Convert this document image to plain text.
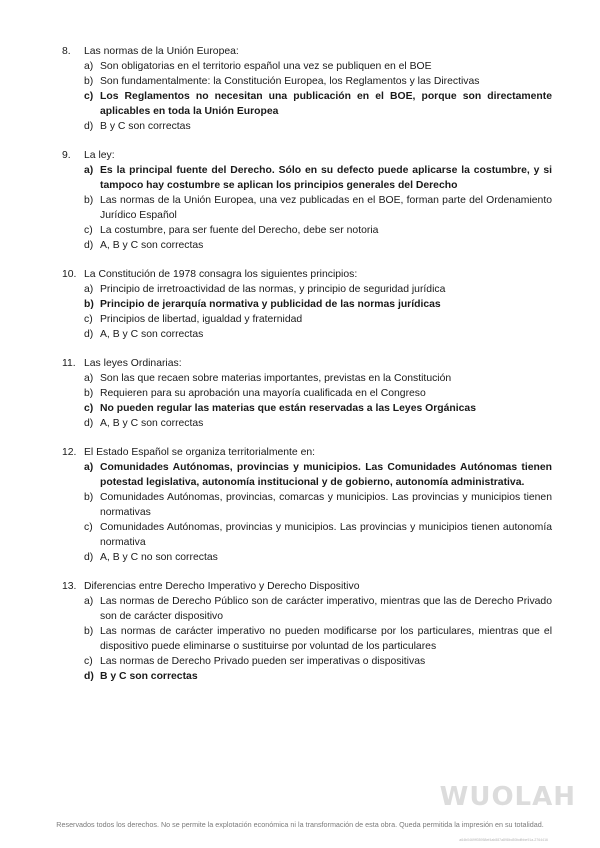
8.	Las normas de la Unión Europea:
a) Son obligatorias en el territorio español una vez se publiquen en el BOE
b) Son fundamentalmente: la Constitución Europea, los Reglamentos y las Directivas
c) Los Reglamentos no necesitan una publicación en el BOE, porque son directamente aplicables en toda la Unión Europea
d) B y C son correctas
9.	La ley:
a) Es la principal fuente del Derecho. Sólo en su defecto puede aplicarse la costumbre, y si tampoco hay costumbre se aplican los principios generales del Derecho
b) Las normas de la Unión Europea, una vez publicadas en el BOE, forman parte del Ordenamiento Jurídico Español
c) La costumbre, para ser fuente del Derecho, debe ser notoria
d) A, B y C son correctas
10. La Constitución de 1978 consagra los siguientes principios:
a) Principio de irretroactividad de las normas, y principio de seguridad jurídica
b) Principio de jerarquía normativa y publicidad de las normas jurídicas
c) Principios de libertad, igualdad y fraternidad
d) A, B y C son correctas
11. Las leyes Ordinarias:
a) Son las que recaen sobre materias importantes, previstas en la Constitución
b) Requieren para su aprobación una mayoría cualificada en el Congreso
c) No pueden regular las materias que están reservadas a las Leyes Orgánicas
d) A, B y C son correctas
12. El Estado Español se organiza territorialmente en:
a) Comunidades Autónomas, provincias y municipios. Las Comunidades Autónomas tienen potestad legislativa, autonomía institucional y de gobierno, autonomía administrativa.
b) Comunidades Autónomas, provincias, comarcas y municipios. Las provincias y municipios tienen normativas
c) Comunidades Autónomas, provincias y municipios. Las provincias y municipios tienen autonomía normativa
d) A, B y C no son correctas
13. Diferencias entre Derecho Imperativo y Derecho Dispositivo
a) Las normas de Derecho Público son de carácter imperativo, mientras que las de Derecho Privado son de carácter dispositivo
b) Las normas de carácter imperativo no pueden modificarse por los particulares, mientras que el dispositivo puede eliminarse o sustituirse por voluntad de los particulares
c) Las normas de Derecho Privado pueden ser imperativas o dispositivas
d) B y C son correctas
WUOLAH
Reservados todos los derechos. No se permite la explotación económica ni la transformación de esta obra. Queda permitida la impresión en su totalidad.
a64b0469ff35958ef4ab887a898bd50bdfbbe91a-2764416
